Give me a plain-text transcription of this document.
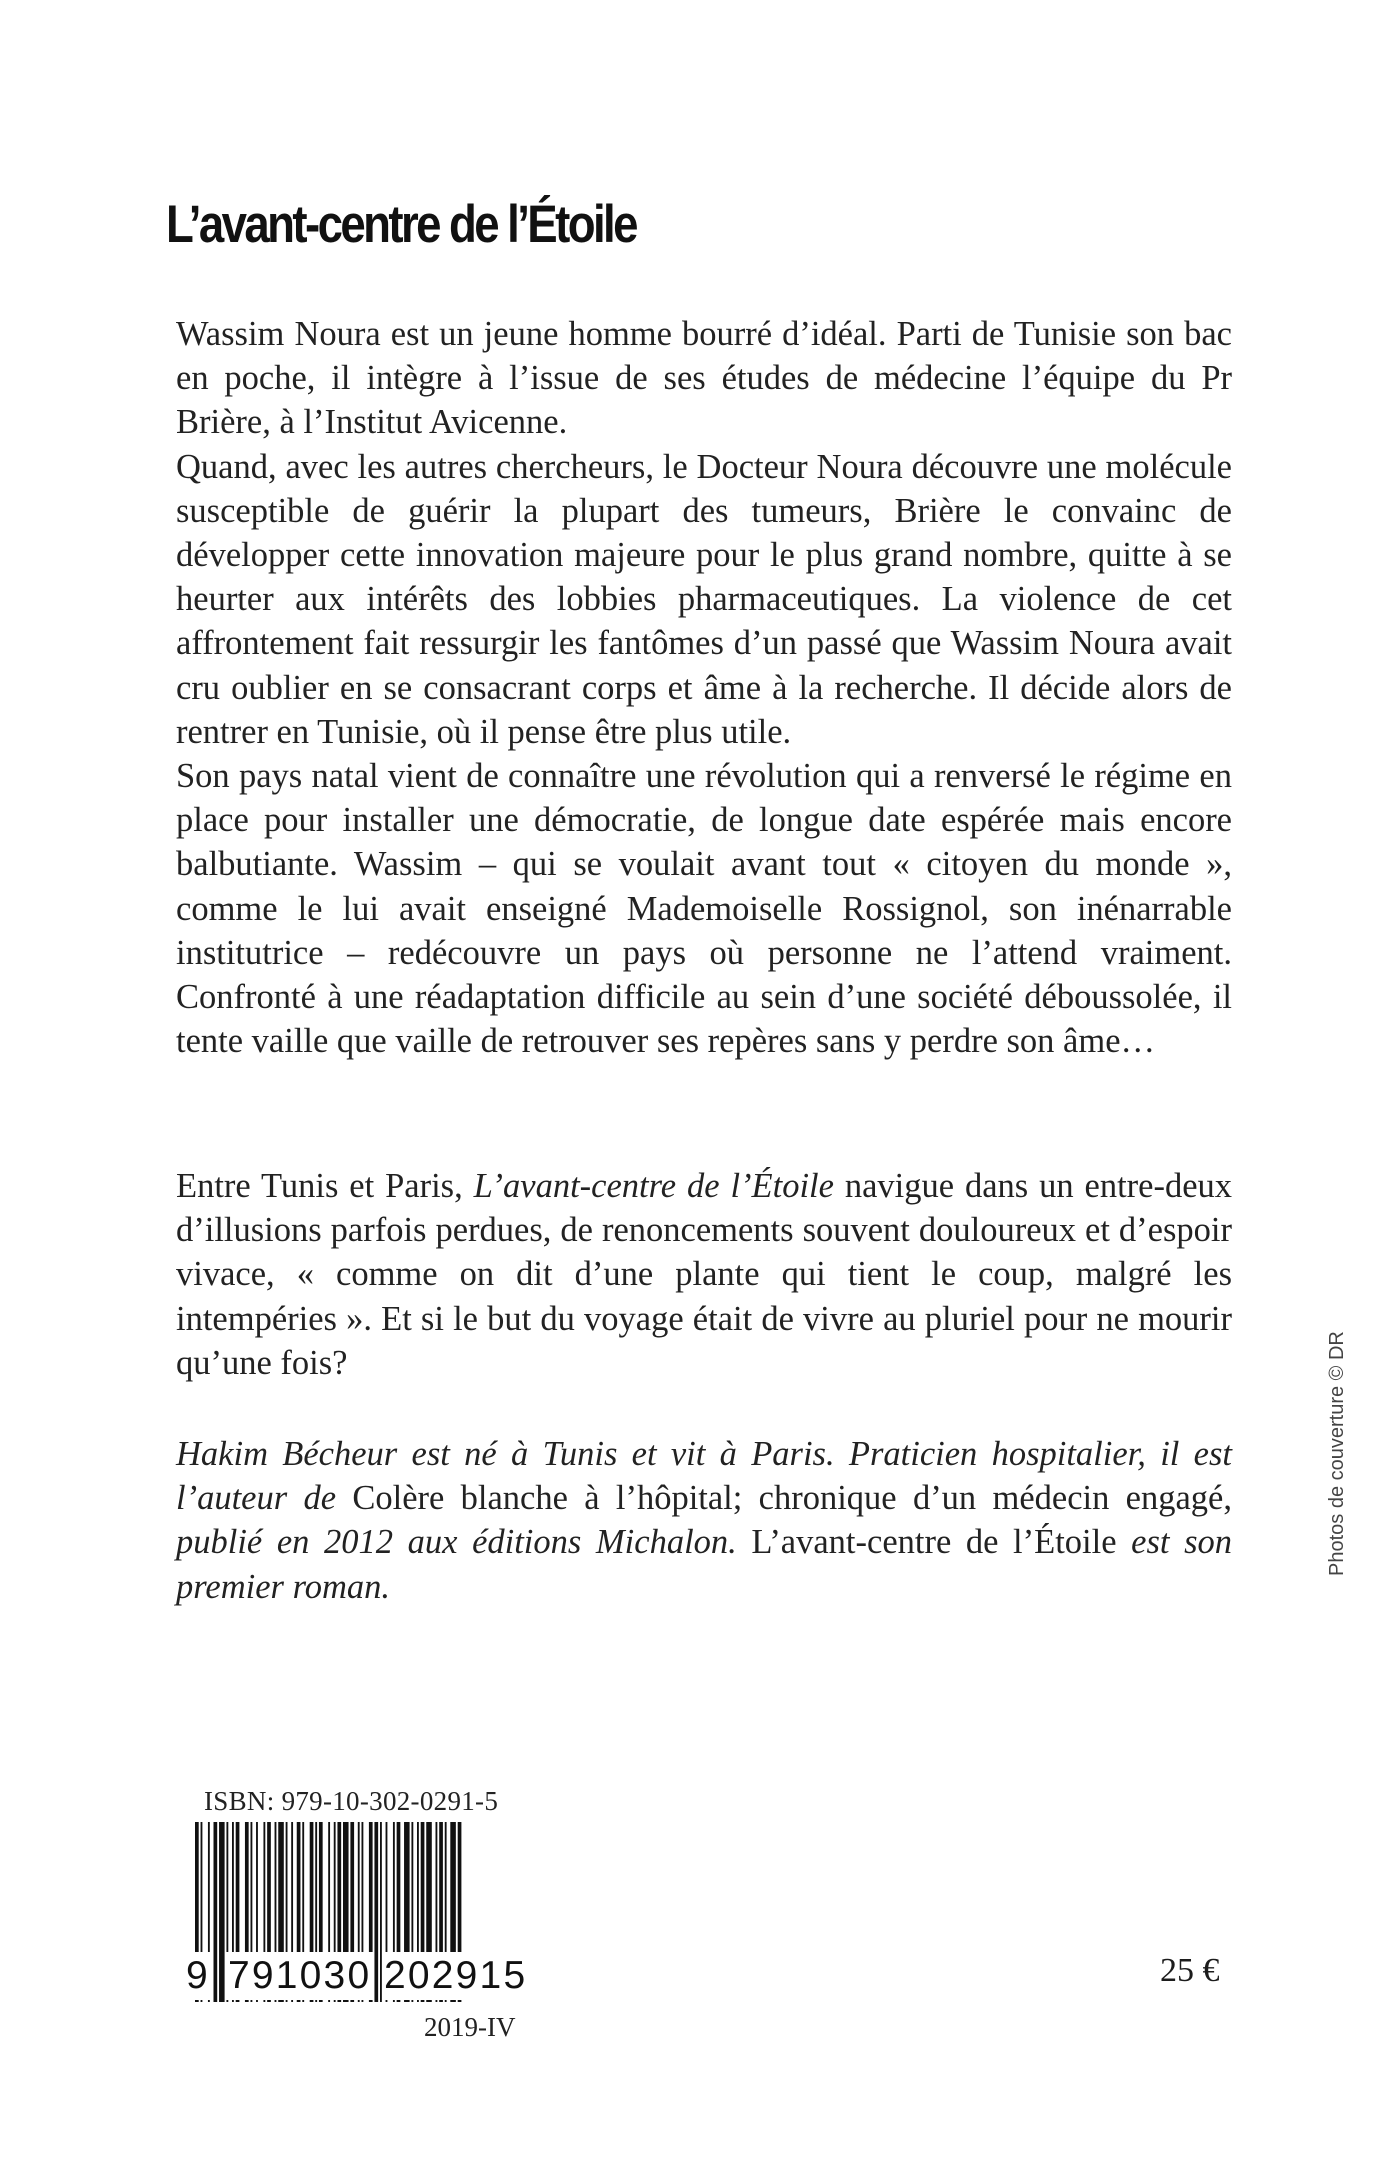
L’avant-centre de l’Étoile

Wassim Noura est un jeune homme bourré d’idéal. Parti de Tunisie son bac en poche, il intègre à l’issue de ses études de médecine l’équipe du Pr Brière, à l’Institut Avicenne.

Quand, avec les autres chercheurs, le Docteur Noura découvre une molécule susceptible de guérir la plupart des tumeurs, Brière le convainc de développer cette innovation majeure pour le plus grand nombre, quitte à se heurter aux intérêts des lobbies pharmaceutiques. La violence de cet affrontement fait ressurgir les fantômes d’un passé que Wassim Noura avait cru oublier en se consacrant corps et âme à la recherche. Il décide alors de rentrer en Tunisie, où il pense être plus utile.

Son pays natal vient de connaître une révolution qui a renversé le régime en place pour installer une démocratie, de longue date espérée mais encore balbutiante. Wassim – qui se voulait avant tout « citoyen du monde », comme le lui avait enseigné Mademoiselle Rossignol, son inénarrable institutrice – redécouvre un pays où personne ne l’attend vraiment. Confronté à une réadaptation difficile au sein d’une société déboussolée, il tente vaille que vaille de retrouver ses repères sans y perdre son âme…

Entre Tunis et Paris, L’avant-centre de l’Étoile navigue dans un entre-deux d’illusions parfois perdues, de renoncements souvent douloureux et d’espoir vivace, « comme on dit d’une plante qui tient le coup, malgré les intempéries ». Et si le but du voyage était de vivre au pluriel pour ne mourir qu’une fois?

Hakim Bécheur est né à Tunis et vit à Paris. Praticien hospitalier, il est l’auteur de Colère blanche à l’hôpital; chronique d’un médecin engagé, publié en 2012 aux éditions Michalon. L’avant-centre de l’Étoile est son premier roman.

ISBN: 979-10-302-0291-5
9 791030 202915
2019-IV
25 €
Photos de couverture © DR
